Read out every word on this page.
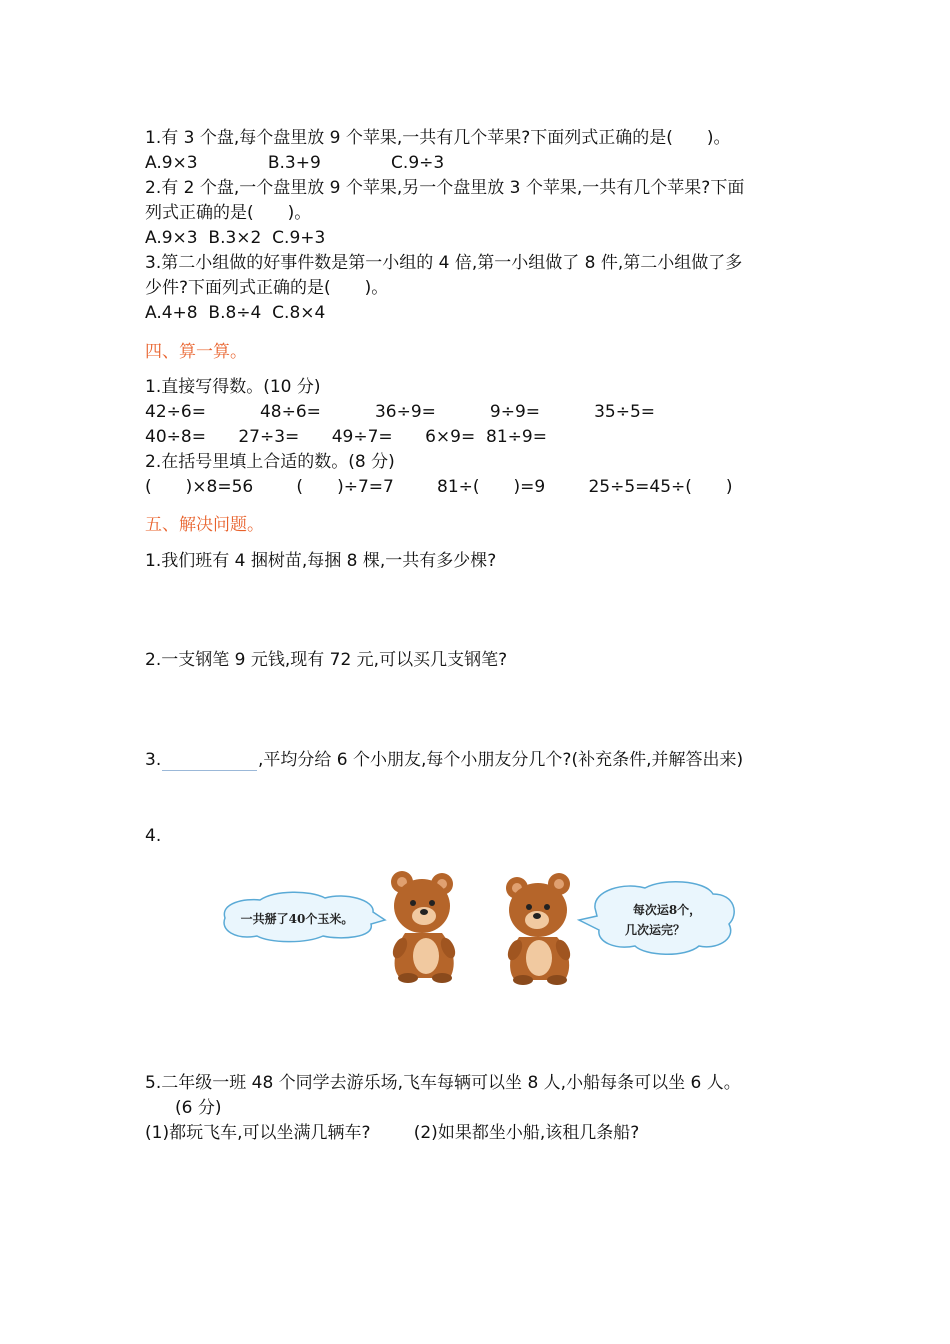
1.有 3 个盘,每个盘里放 9 个苹果,一共有几个苹果?下面列式正确的是(　　)。
A.9×3             B.3+9             C.9÷3
2.有 2 个盘,一个盘里放 9 个苹果,另一个盘里放 3 个苹果,一共有几个苹果?下面
列式正确的是(　　)。
A.9×3  B.3×2  C.9+3
3.第二小组做的好事件数是第一小组的 4 倍,第一小组做了 8 件,第二小组做了多
少件?下面列式正确的是(　　)。
A.4+8  B.8÷4  C.8×4
四、算一算。
1.直接写得数。(10 分)
42÷6=          48÷6=          36÷9=          9÷9=          35÷5=
40÷8=      27÷3=      49÷7=      6×9=  81÷9=
2.在括号里填上合适的数。(8 分)
(　　)×8=56        (　　)÷7=7        81÷(　　)=9        25÷5=45÷(　　)
五、解决问题。
1.我们班有 4 捆树苗,每捆 8 棵,一共有多少棵?
2.一支钢笔 9 元钱,现有 72 元,可以买几支钢笔?
3.	,平均分给 6 个小朋友,每个小朋友分几个?(补充条件,并解答出来)
4.
一共掰了40个玉米。
每次运8个，
几次运完？
5.二年级一班 48 个同学去游乐场,飞车每辆可以坐 8 人,小船每条可以坐 6 人。
(6 分)
(1)都玩飞车,可以坐满几辆车?        (2)如果都坐小船,该租几条船?
